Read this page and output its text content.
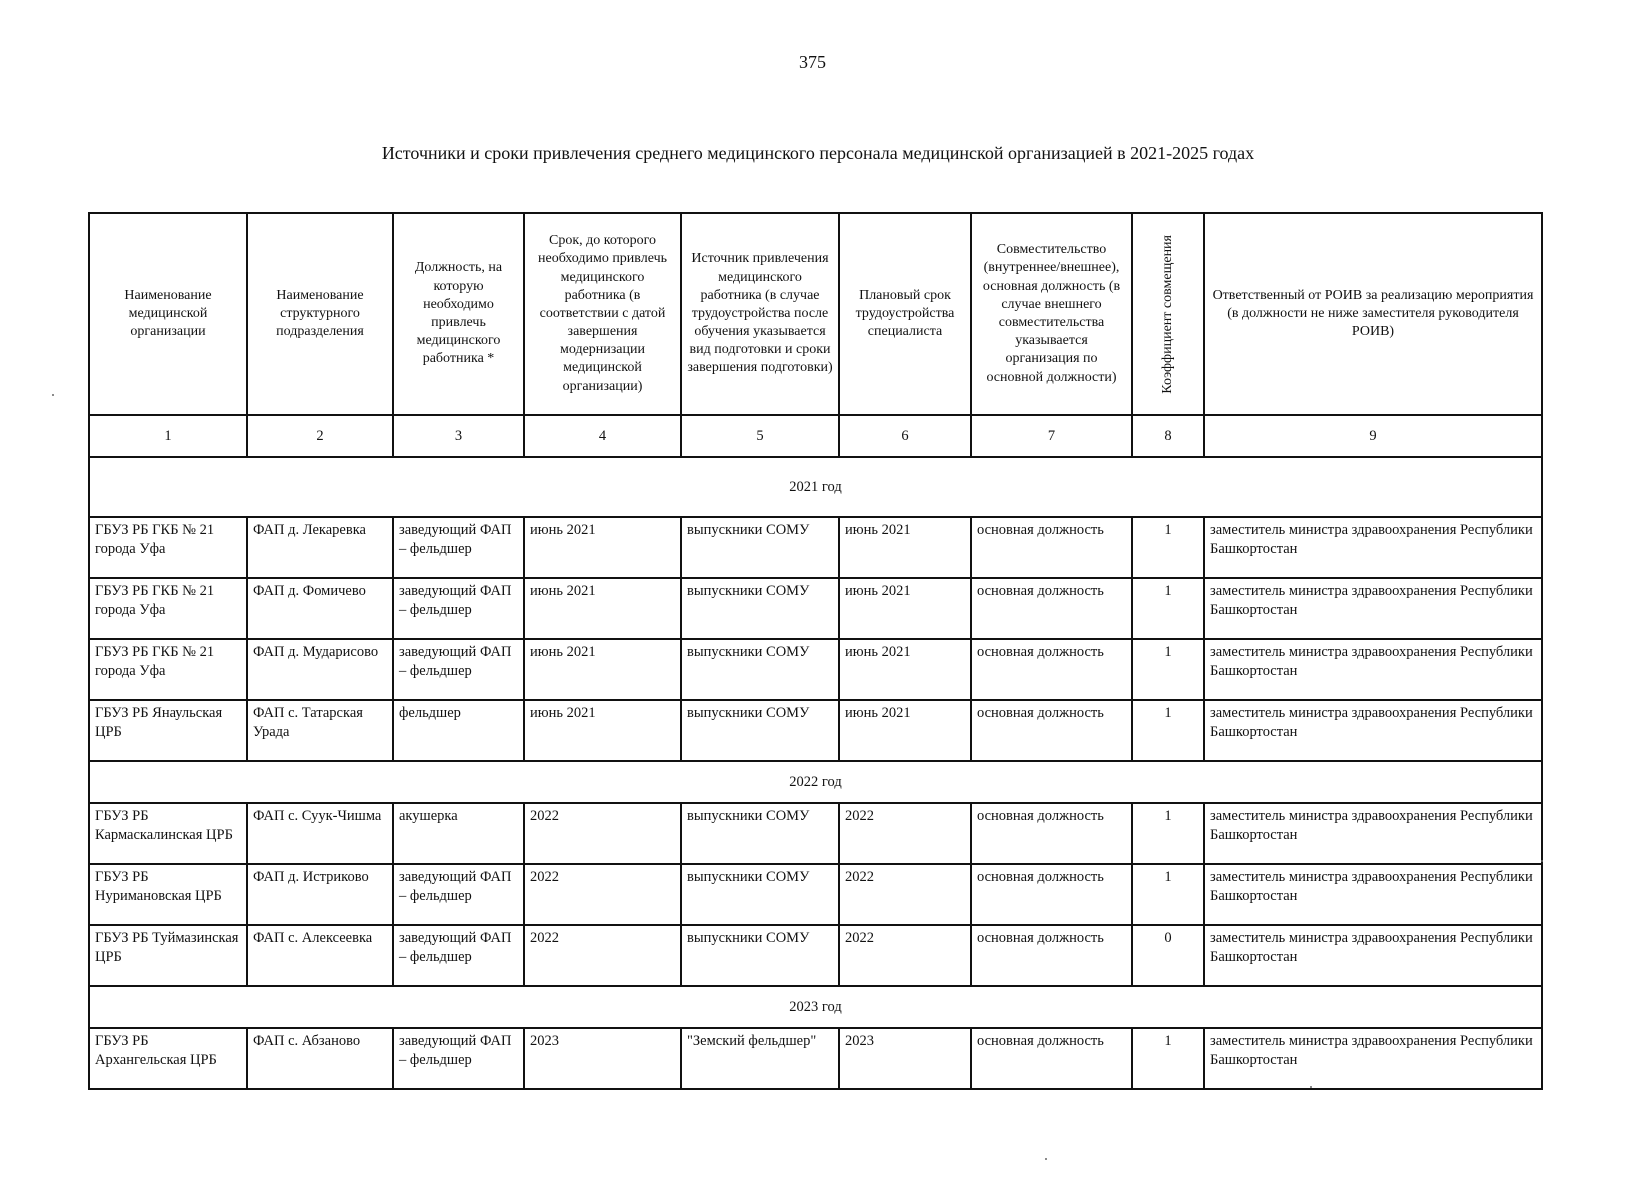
375
Источники и сроки привлечения среднего медицинского персонала медицинской организацией в 2021-2025 годах
Наименование медицинской организации	Наименование структурного подразделения	Должность, на которую необходимо привлечь медицинского работника *	Срок, до которого необходимо привлечь медицинского работника (в соответствии с датой завершения модернизации медицинской организации)	Источник привлечения медицинского работника (в случае трудоустройства после обучения указывается вид подготовки и сроки завершения подготовки)	Плановый срок трудоустройства специалиста	Совместительство (внутреннее/внешнее), основная должность (в случае внешнего совместительства указывается организация по основной должности)	Коэффициент совмещения	Ответственный от РОИВ за реализацию мероприятия (в должности не ниже заместителя руководителя РОИВ)
1	2	3	4	5	6	7	8	9
2021 год								
ГБУЗ РБ ГКБ № 21 города Уфа	ФАП д. Лекаревка	заведующий ФАП – фельдшер	июнь 2021	выпускники СОМУ	июнь 2021	основная должность	1	заместитель министра здравоохранения Республики Башкортостан
ГБУЗ РБ ГКБ № 21 города Уфа	ФАП д. Фомичево	заведующий ФАП – фельдшер	июнь 2021	выпускники СОМУ	июнь 2021	основная должность	1	заместитель министра здравоохранения Республики Башкортостан
ГБУЗ РБ ГКБ № 21 города Уфа	ФАП д. Мударисово	заведующий ФАП – фельдшер	июнь 2021	выпускники СОМУ	июнь 2021	основная должность	1	заместитель министра здравоохранения Республики Башкортостан
ГБУЗ РБ Янаульская ЦРБ	ФАП с. Татарская Урада	фельдшер	июнь 2021	выпускники СОМУ	июнь 2021	основная должность	1	заместитель министра здравоохранения Республики Башкортостан
2022 год								
ГБУЗ РБ Кармаскалинская ЦРБ	ФАП с. Суук-Чишма	акушерка	2022	выпускники СОМУ	2022	основная должность	1	заместитель министра здравоохранения Республики Башкортостан
ГБУЗ РБ Нуримановская ЦРБ	ФАП д. Истриково	заведующий ФАП – фельдшер	2022	выпускники СОМУ	2022	основная должность	1	заместитель министра здравоохранения Республики Башкортостан
ГБУЗ РБ Туймазинская ЦРБ	ФАП с. Алексеевка	заведующий ФАП – фельдшер	2022	выпускники СОМУ	2022	основная должность	0	заместитель министра здравоохранения Республики Башкортостан
2023 год								
ГБУЗ РБ Архангельская ЦРБ	ФАП с. Абзаново	заведующий ФАП – фельдшер	2023	"Земский фельдшер"	2023	основная должность	1	заместитель министра здравоохранения Республики Башкортостан
